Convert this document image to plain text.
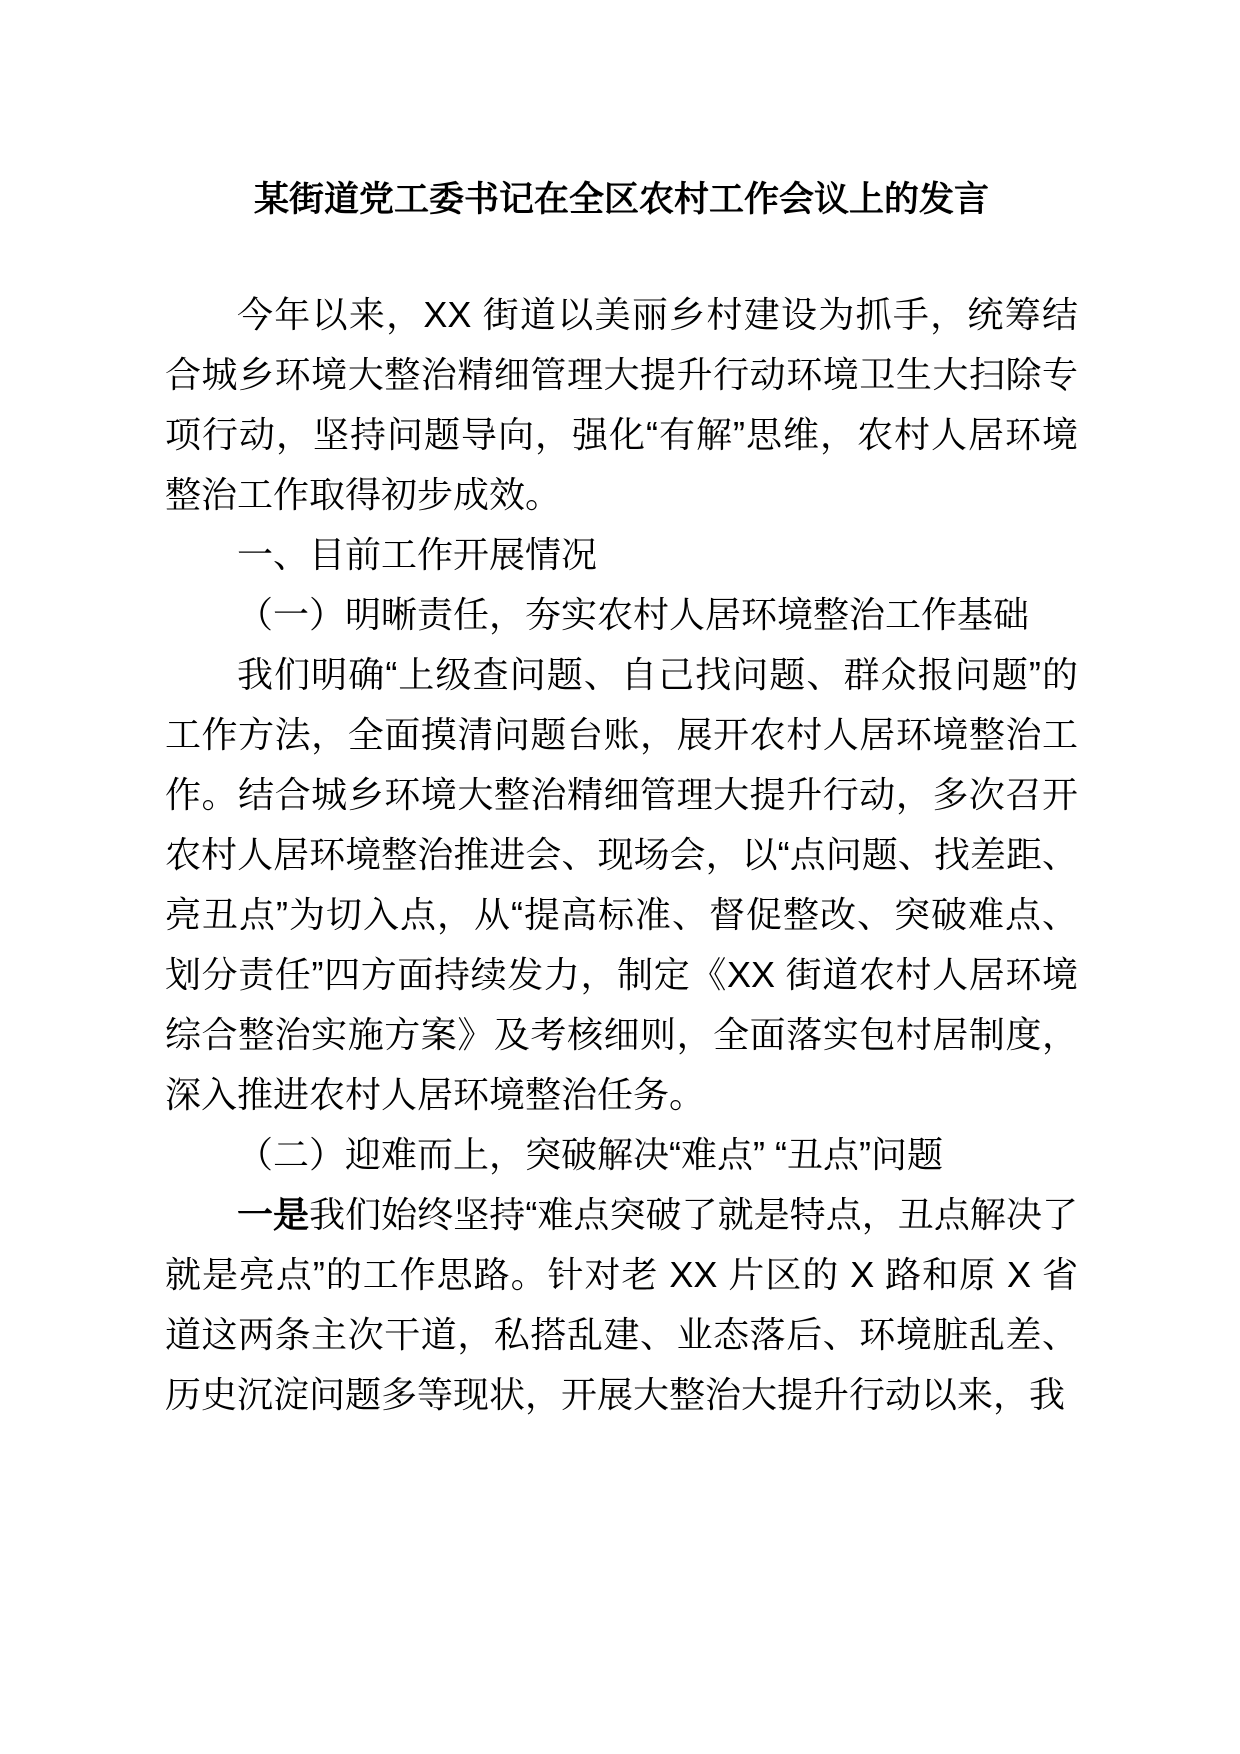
某街道党工委书记在全区农村工作会议上的发言

今年以来，XX 街道以美丽乡村建设为抓手，统筹结合城乡环境大整治精细管理大提升行动环境卫生大扫除专项行动，坚持问题导向，强化“有解”思维，农村人居环境整治工作取得初步成效。

一、目前工作开展情况

（一）明晰责任，夯实农村人居环境整治工作基础

我们明确“上级查问题、自己找问题、群众报问题”的工作方法，全面摸清问题台账，展开农村人居环境整治工作。结合城乡环境大整治精细管理大提升行动，多次召开农村人居环境整治推进会、现场会，以“点问题、找差距、亮丑点”为切入点，从“提高标准、督促整改、突破难点、划分责任”四方面持续发力，制定《XX 街道农村人居环境综合整治实施方案》及考核细则，全面落实包村居制度，深入推进农村人居环境整治任务。

（二）迎难而上，突破解决“难点” “丑点”问题

一是我们始终坚持“难点突破了就是特点，丑点解决了就是亮点”的工作思路。针对老 XX 片区的 X 路和原 X 省道这两条主次干道，私搭乱建、业态落后、环境脏乱差、历史沉淀问题多等现状，开展大整治大提升行动以来，我
